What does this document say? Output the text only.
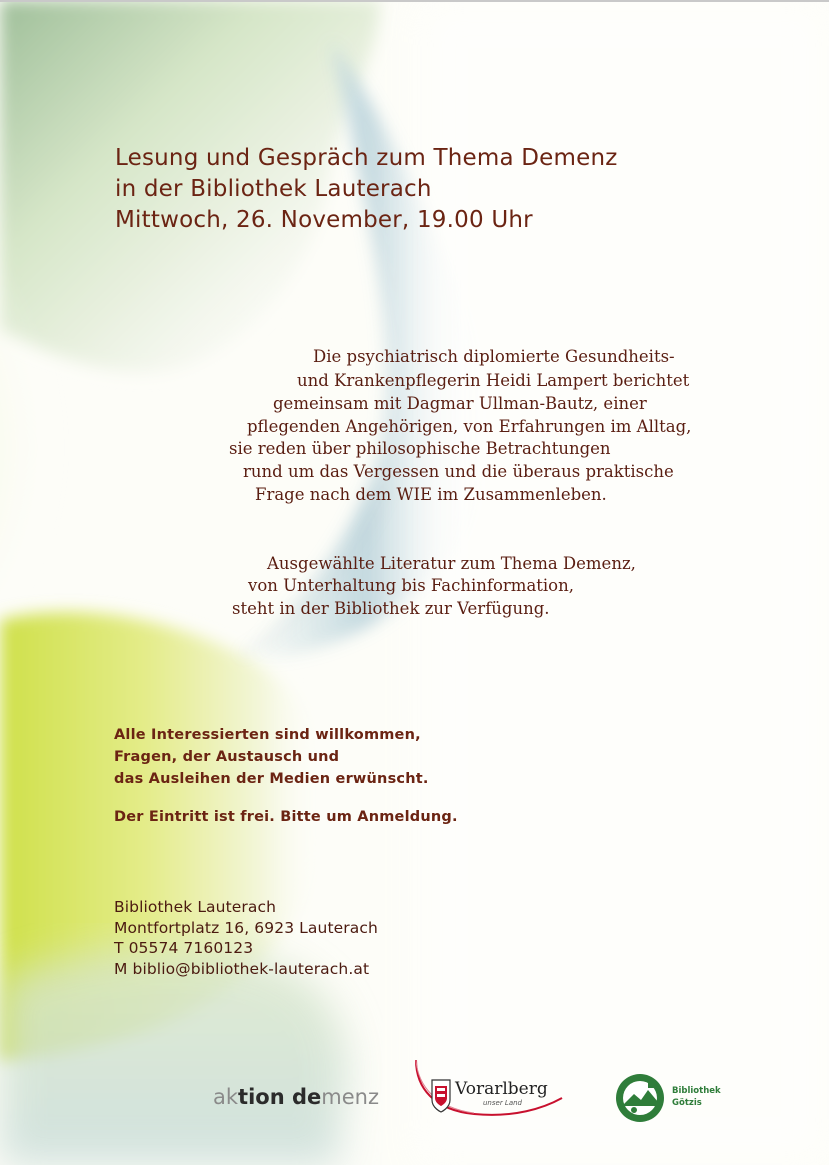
Lesung und Gespräch zum Thema Demenz
in der Bibliothek Lauterach
Mittwoch, 26. November, 19.00 Uhr
Die psychiatrisch diplomierte Gesundheits-
und Krankenpflegerin Heidi Lampert berichtet
gemeinsam mit Dagmar Ullman-Bautz, einer
pflegenden Angehörigen, von Erfahrungen im Alltag,
sie reden über philosophische Betrachtungen
rund um das Vergessen und die überaus praktische
Frage nach dem WIE im Zusammenleben.
Ausgewählte Literatur zum Thema Demenz,
von Unterhaltung bis Fachinformation,
steht in der Bibliothek zur Verfügung.
Alle Interessierten sind willkommen,
Fragen, der Austausch und
das Ausleihen der Medien erwünscht.
Der Eintritt ist frei. Bitte um Anmeldung.
Bibliothek Lauterach
Montfortplatz 16, 6923 Lauterach
T 05574 7160123
M biblio@bibliothek-lauterach.at
aktion demenz	Vorarlberg
unser Land
Bibliothek
Götzis
